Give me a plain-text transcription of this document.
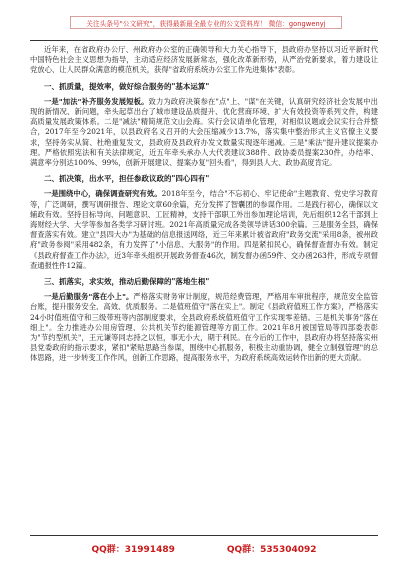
关注头条号"公文研究"，获得最新最全最专业的公文资料库！ 微信：gongwenyj

近年来，在省政府办公厅、州政府办公室的正确领导和大力关心指导下，县政府办坚持以习近平新时代中国特色社会主义思想为指导，主动适应经济发展新常态，强化改革新形势，从严治党新要求，着力建设让党放心、让人民群众满意的模范机关，获得"省政府系统办公室工作先进集体"表彰。

一、抓质量，提效率，做好综合服务的"基本运算"

一是"加法"补齐服务发展短板。致力为政府决策参在"点"上、"谋"在关键，认真研究经济社会发展中出现的新情况、新问题，牵头起草出台了城市建设品质提升、优化营商环境、扩大有效投资等系列文件，构建高质量发展政策体系。二是"减法"精简规范文山会海。实行会议请单化管理，对相似议题或会议实行合并整合，2017年至今2021年，以县政府名义召开的大会压缩减少13.7%，落实集中整治形式主义官僚主义要求，坚持务实从简、杜绝重复发文，县政府及县政府办发文数量实现逐年递减。三是"乘法"提升建议提案办理。严格依照宪法和有关法律规定，近五年牵头承办人大代表建议388件、政协委员提案230件，办结率、满意率分别达100%、99%，创新开展建议、提案办复"回头看"，得到县人大、政协高度肯定。

二、抓决策，出水平，担任参政议政的"四心四有"

一是围绕中心，确保调查研究有效。2018年至今，结合"不忘初心、牢记使命"主题教育、党史学习教育等，广泛调研，撰写调研报告、理论文章60余篇，充分发挥了智囊团的参谋作用。二是践行初心，确保以文辅政有效。坚持目标导向、问题意识、工匠精神，支持干部职工外出参加理论培训，先后组织12名干部到上海财经大学、大学等参加各类学习研讨班。2021年高质量完成各类领导讲话300余篇。三是服务全县，确保督查落实有效。建立"县四大办"为基础的信息报送网络，近三年来累计被省政府"政务交流"采用8条，被州政府"政务参阅"采用482条，有力发挥了"小信息、大服务"的作用。四是紧扣民心，确保督查督办有效。制定《县政府督查工作办法》，近3年牵头组织开展政务督查46次，制发督办函59件、交办函263件，形成专项督查通报性件12篇。

三、抓落实，求实效，推动后勤保障的"落地生根"

一是后勤服务"落在小上"。严格落实财务审计制度，规范经费管理，严格用车审批程序，规范安全监管台账，提升服务安全、高效、优质服务。二是值班值守"落在实上"。制定《县政府值班工作方案》，严格落实24小时值班值守和三级带班等内部制度要求，全县政府系统值班值守工作实现零差错。三是机关事务"落在细上"。全力推进办公用房管理、公共机关节约能源管理等方面工作。2021年8月被国管局等四部委表彰为"节约型机关"，王元谦等同志持之以恒，事无小大，期于利民。在今后的工作中，县政府办将坚持落实州县党委政府的指示要求，紧扣"紧贴思路当参谋，围绕中心抓服务，积极主动重协调，健全立制强管理"的总体思路，进一步转变工作作风，创新工作思路，提高服务水平，为政府系统高效运转作出新的更大贡献。

QQ群：31991489	QQ群：535304092
